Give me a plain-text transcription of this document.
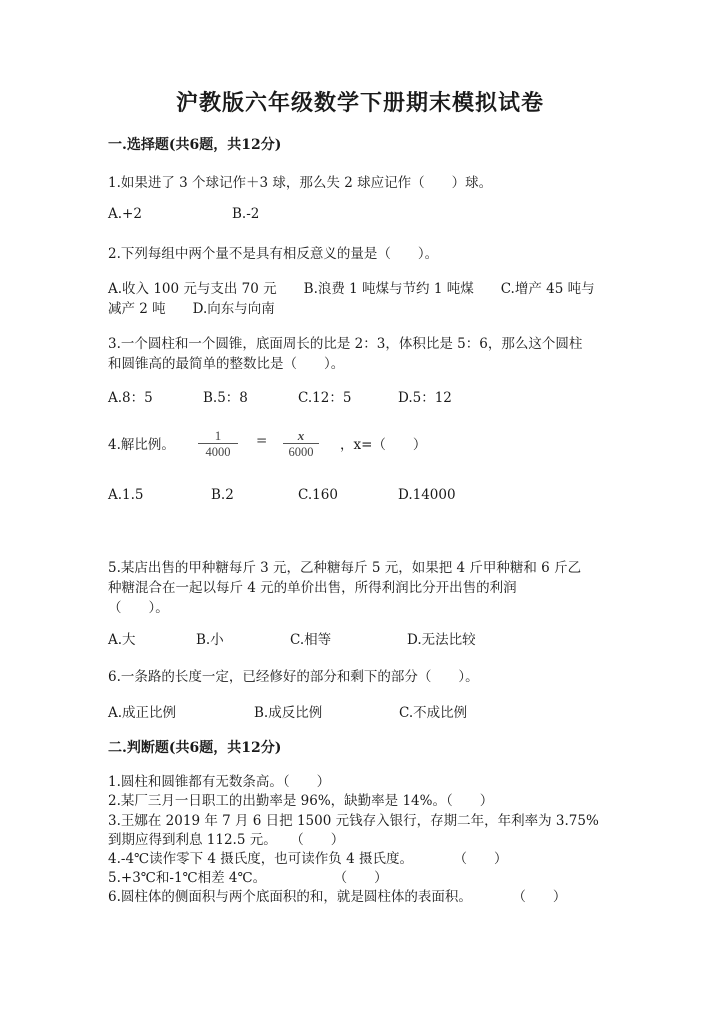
沪教版六年级数学下册期末模拟试卷
一.选择题(共6题，共12分)
1.如果进了 3 个球记作＋3 球，那么失 2 球应记作（　　）球。
A.+2	B.-2
2.下列每组中两个量不是具有相反意义的量是（　　）。
A.收入 100 元与支出 70 元　　B.浪费 1 吨煤与节约 1 吨煤　　C.增产 45 吨与
减产 2 吨　　D.向东与向南
3.一个圆柱和一个圆锥，底面周长的比是 2：3，体积比是 5：6，那么这个圆柱
和圆锥高的最简单的整数比是（　　）。
A.8：5	B.5：8	C.12：5	D.5：12
4.解比例。 $\frac{1}{4000} = \frac{x}{6000}$ ，x=（　　）
A.1.5	B.2	C.160	D.14000
5.某店出售的甲种糖每斤 3 元，乙种糖每斤 5 元，如果把 4 斤甲种糖和 6 斤乙
种糖混合在一起以每斤 4 元的单价出售，所得利润比分开出售的利润
（　　）。
A.大	B.小	C.相等	D.无法比较
6.一条路的长度一定，已经修好的部分和剩下的部分（　　）。
A.成正比例	B.成反比例	C.不成比例
二.判断题(共6题，共12分)
1.圆柱和圆锥都有无数条高。（　　）
2.某厂三月一日职工的出勤率是 96%，缺勤率是 14%。（　　）
3.王娜在 2019 年 7 月 6 日把 1500 元钱存入银行，存期二年，年利率为 3.75%
到期应得到利息 112.5 元。　　（　　）
4.-4℃读作零下 4 摄氏度，也可读作负 4 摄氏度。　　　　（　　）
5.+3℃和-1℃相差 4℃。　　　　　　（　　）
6.圆柱体的侧面积与两个底面积的和，就是圆柱体的表面积。　　　　（　　）
